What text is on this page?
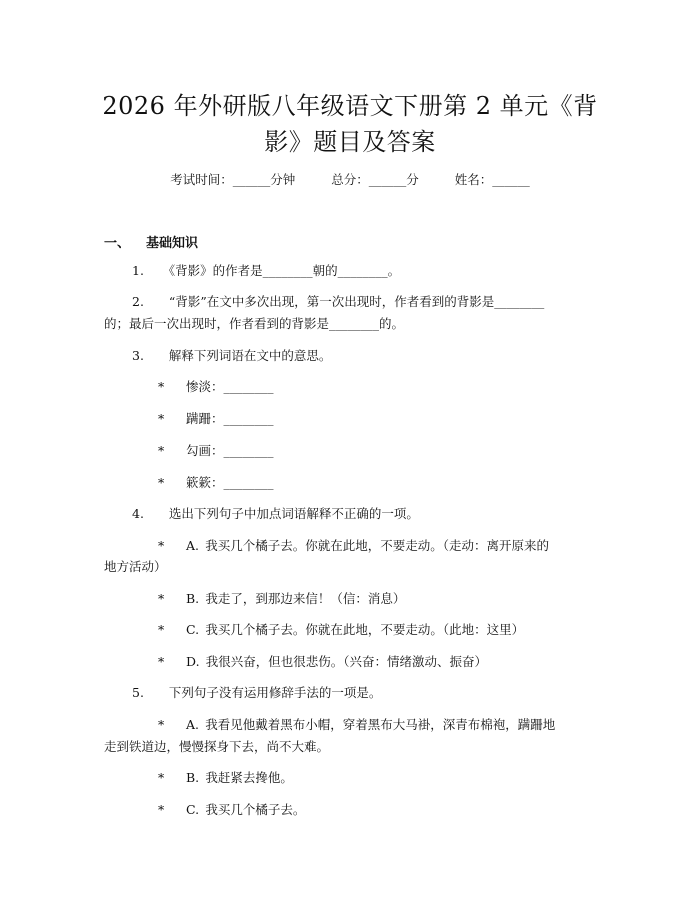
2026 年外研版八年级语文下册第 2 单元《背
影》题目及答案
考试时间：______分钟	总分：______分	姓名：______
一、 基础知识
1.　　《背影》的作者是________朝的________。
2.　　“背影”在文中多次出现，第一次出现时，作者看到的背影是________
的；最后一次出现时，作者看到的背影是________的。
3.　　解释下列词语在文中的意思。
* 惨淡：________
* 蹒跚：________
* 勾画：________
* 簌簌：________
4.　　选出下列句子中加点词语解释不正确的一项。
* A. 我买几个橘子去。你就在此地，不要走动。（走动：离开原来的
地方活动）
* B. 我走了，到那边来信！（信：消息）
* C. 我买几个橘子去。你就在此地，不要走动。（此地：这里）
* D. 我很兴奋，但也很悲伤。（兴奋：情绪激动、振奋）
5.　　下列句子没有运用修辞手法的一项是。
* A. 我看见他戴着黑布小帽，穿着黑布大马褂，深青布棉袍，蹒跚地
走到铁道边，慢慢探身下去，尚不大难。
* B. 我赶紧去搀他。
* C. 我买几个橘子去。
